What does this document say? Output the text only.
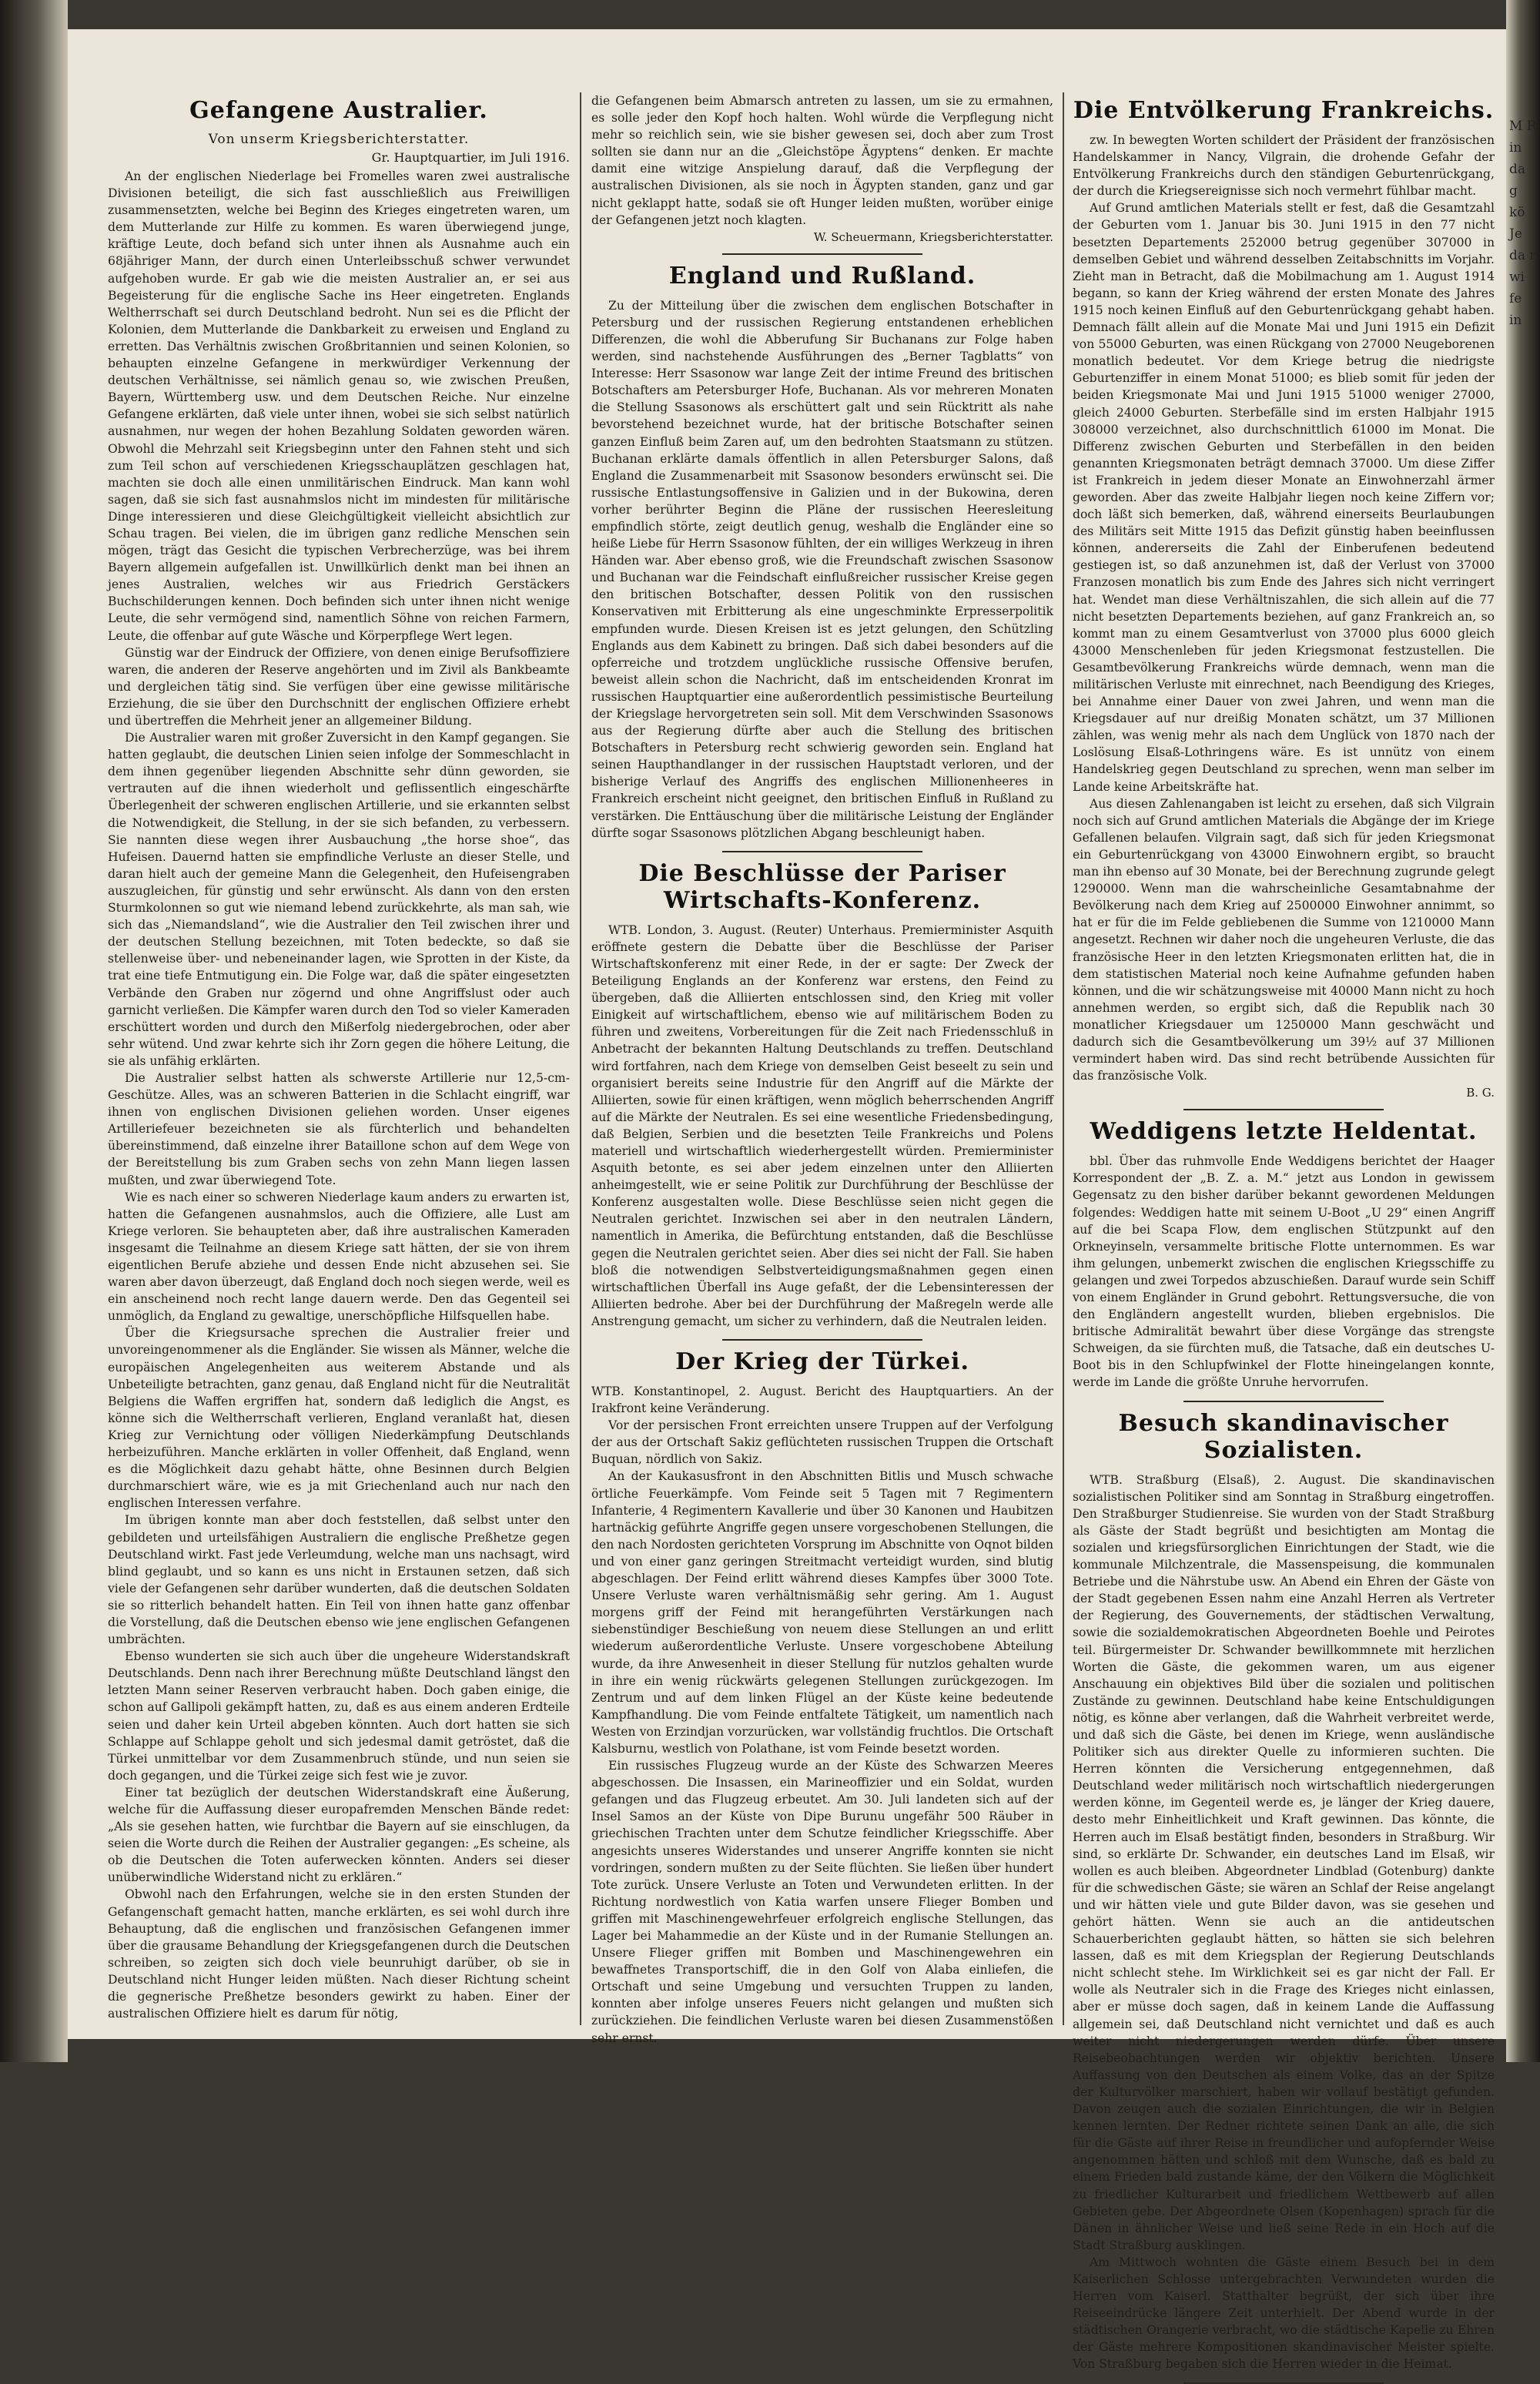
M R in da g kö Je da r wi fe in
Gefangene Australier.
Von unserm Kriegsberichterstatter.
Gr. Hauptquartier, im Juli 1916.

An der englischen Niederlage bei Fromelles waren zwei australische Divisionen beteiligt, die sich fast ausschließlich aus Freiwilligen zusammensetzten, welche bei Beginn des Krieges eingetreten waren, um dem Mutterlande zur Hilfe zu kommen. Es waren überwiegend junge, kräftige Leute, doch befand sich unter ihnen als Ausnahme auch ein 68jähriger Mann, der durch einen Unterleibsschuß schwer verwundet aufgehoben wurde. Er gab wie die meisten Australier an, er sei aus Begeisterung für die englische Sache ins Heer eingetreten. Englands Weltherrschaft sei durch Deutschland bedroht. Nun sei es die Pflicht der Kolonien, dem Mutterlande die Dankbarkeit zu erweisen und England zu erretten. Das Verhältnis zwischen Großbritannien und seinen Kolonien, so behaupten einzelne Gefangene in merkwürdiger Verkennung der deutschen Verhältnisse, sei nämlich genau so, wie zwischen Preußen, Bayern, Württemberg usw. und dem Deutschen Reiche. Nur einzelne Gefangene erklärten, daß viele unter ihnen, wobei sie sich selbst natürlich ausnahmen, nur wegen der hohen Bezahlung Soldaten geworden wären. Obwohl die Mehrzahl seit Kriegsbeginn unter den Fahnen steht und sich zum Teil schon auf verschiedenen Kriegsschauplätzen geschlagen hat, machten sie doch alle einen unmilitärischen Eindruck. Man kann wohl sagen, daß sie sich fast ausnahmslos nicht im mindesten für militärische Dinge interessieren und diese Gleichgültigkeit vielleicht absichtlich zur Schau tragen. Bei vielen, die im übrigen ganz redliche Menschen sein mögen, trägt das Gesicht die typischen Verbrecherzüge, was bei ihrem Bayern allgemein aufgefallen ist. Unwillkürlich denkt man bei ihnen an jenes Australien, welches wir aus Friedrich Gerstäckers Buchschilderungen kennen. Doch befinden sich unter ihnen nicht wenige Leute, die sehr vermögend sind, namentlich Söhne von reichen Farmern, Leute, die offenbar auf gute Wäsche und Körperpflege Wert legen.

Günstig war der Eindruck der Offiziere, von denen einige Berufsoffiziere waren, die anderen der Reserve angehörten und im Zivil als Bankbeamte und dergleichen tätig sind. Sie verfügen über eine gewisse militärische Erziehung, die sie über den Durchschnitt der englischen Offiziere erhebt und übertreffen die Mehrheit jener an allgemeiner Bildung.

Die Australier waren mit großer Zuversicht in den Kampf gegangen. Sie hatten geglaubt, die deutschen Linien seien infolge der Sommeschlacht in dem ihnen gegenüber liegenden Abschnitte sehr dünn geworden, sie vertrauten auf die ihnen wiederholt und geflissentlich eingeschärfte Überlegenheit der schweren englischen Artillerie, und sie erkannten selbst die Notwendigkeit, die Stellung, in der sie sich befanden, zu verbessern. Sie nannten diese wegen ihrer Ausbauchung „the horse shoe“, das Hufeisen. Dauernd hatten sie empfindliche Verluste an dieser Stelle, und daran hielt auch der gemeine Mann die Gelegenheit, den Hufeisengraben auszugleichen, für günstig und sehr erwünscht. Als dann von den ersten Sturmkolonnen so gut wie niemand lebend zurückkehrte, als man sah, wie sich das „Niemandsland“, wie die Australier den Teil zwischen ihrer und der deutschen Stellung bezeichnen, mit Toten bedeckte, so daß sie stellenweise über- und nebeneinander lagen, wie Sprotten in der Kiste, da trat eine tiefe Entmutigung ein. Die Folge war, daß die später eingesetzten Verbände den Graben nur zögernd und ohne Angriffslust oder auch garnicht verließen. Die Kämpfer waren durch den Tod so vieler Kameraden erschüttert worden und durch den Mißerfolg niedergebrochen, oder aber sehr wütend. Und zwar kehrte sich ihr Zorn gegen die höhere Leitung, die sie als unfähig erklärten.

Die Australier selbst hatten als schwerste Artillerie nur 12,5-cm-Geschütze. Alles, was an schweren Batterien in die Schlacht eingriff, war ihnen von englischen Divisionen geliehen worden. Unser eigenes Artilleriefeuer bezeichneten sie als fürchterlich und behandelten übereinstimmend, daß einzelne ihrer Bataillone schon auf dem Wege von der Bereitstellung bis zum Graben sechs von zehn Mann liegen lassen mußten, und zwar überwiegend Tote.

Wie es nach einer so schweren Niederlage kaum anders zu erwarten ist, hatten die Gefangenen ausnahmslos, auch die Offiziere, alle Lust am Kriege verloren. Sie behaupteten aber, daß ihre australischen Kameraden insgesamt die Teilnahme an diesem Kriege satt hätten, der sie von ihrem eigentlichen Berufe abziehe und dessen Ende nicht abzusehen sei. Sie waren aber davon überzeugt, daß England doch noch siegen werde, weil es ein anscheinend noch recht lange dauern werde. Den das Gegenteil sei unmöglich, da England zu gewaltige, unerschöpfliche Hilfsquellen habe.

Über die Kriegsursache sprechen die Australier freier und unvoreingenommener als die Engländer. Sie wissen als Männer, welche die europäischen Angelegenheiten aus weiterem Abstande und als Unbeteiligte betrachten, ganz genau, daß England nicht für die Neutralität Belgiens die Waffen ergriffen hat, sondern daß lediglich die Angst, es könne sich die Weltherrschaft verlieren, England veranlaßt hat, diesen Krieg zur Vernichtung oder völligen Niederkämpfung Deutschlands herbeizuführen. Manche erklärten in voller Offenheit, daß England, wenn es die Möglichkeit dazu gehabt hätte, ohne Besinnen durch Belgien durchmarschiert wäre, wie es ja mit Griechenland auch nur nach den englischen Interessen verfahre.

Im übrigen konnte man aber doch feststellen, daß selbst unter den gebildeten und urteilsfähigen Australiern die englische Preßhetze gegen Deutschland wirkt. Fast jede Verleumdung, welche man uns nachsagt, wird blind geglaubt, und so kann es uns nicht in Erstaunen setzen, daß sich viele der Gefangenen sehr darüber wunderten, daß die deutschen Soldaten sie so ritterlich behandelt hatten. Ein Teil von ihnen hatte ganz offenbar die Vorstellung, daß die Deutschen ebenso wie jene englischen Gefangenen umbrächten.

Ebenso wunderten sie sich auch über die ungeheure Widerstandskraft Deutschlands. Denn nach ihrer Berechnung müßte Deutschland längst den letzten Mann seiner Reserven verbraucht haben. Doch gaben einige, die schon auf Gallipoli gekämpft hatten, zu, daß es aus einem anderen Erdteile seien und daher kein Urteil abgeben könnten. Auch dort hatten sie sich Schlappe auf Schlappe geholt und sich jedesmal damit getröstet, daß die Türkei unmittelbar vor dem Zusammenbruch stünde, und nun seien sie doch gegangen, und die Türkei zeige sich fest wie je zuvor.

Einer tat bezüglich der deutschen Widerstandskraft eine Äußerung, welche für die Auffassung dieser europafremden Menschen Bände redet: „Als sie gesehen hatten, wie furchtbar die Bayern auf sie einschlugen, da seien die Worte durch die Reihen der Australier gegangen: „Es scheine, als ob die Deutschen die Toten auferwecken könnten. Anders sei dieser unüberwindliche Widerstand nicht zu erklären.“

Obwohl nach den Erfahrungen, welche sie in den ersten Stunden der Gefangenschaft gemacht hatten, manche erklärten, es sei wohl durch ihre Behauptung, daß die englischen und französischen Gefangenen immer über die grausame Behandlung der Kriegsgefangenen durch die Deutschen schreiben, so zeigten sich doch viele beunruhigt darüber, ob sie in Deutschland nicht Hunger leiden müßten. Nach dieser Richtung scheint die gegnerische Preßhetze besonders gewirkt zu haben. Einer der australischen Offiziere hielt es darum für nötig,

die Gefangenen beim Abmarsch antreten zu lassen, um sie zu ermahnen, es solle jeder den Kopf hoch halten. Wohl würde die Verpflegung nicht mehr so reichlich sein, wie sie bisher gewesen sei, doch aber zum Trost sollten sie dann nur an die „Gleichstöpe Ägyptens“ denken. Er machte damit eine witzige Anspielung darauf, daß die Verpflegung der australischen Divisionen, als sie noch in Ägypten standen, ganz und gar nicht geklappt hatte, sodaß sie oft Hunger leiden mußten, worüber einige der Gefangenen jetzt noch klagten.

W. Scheuermann, Kriegsberichterstatter.
England und Rußland.

Zu der Mitteilung über die zwischen dem englischen Botschafter in Petersburg und der russischen Regierung entstandenen erheblichen Differenzen, die wohl die Abberufung Sir Buchanans zur Folge haben werden, sind nachstehende Ausführungen des „Berner Tagblatts“ von Interesse: Herr Ssasonow war lange Zeit der intime Freund des britischen Botschafters am Petersburger Hofe, Buchanan. Als vor mehreren Monaten die Stellung Ssasonows als erschüttert galt und sein Rücktritt als nahe bevorstehend bezeichnet wurde, hat der britische Botschafter seinen ganzen Einfluß beim Zaren auf, um den bedrohten Staatsmann zu stützen. Buchanan erklärte damals öffentlich in allen Petersburger Salons, daß England die Zusammenarbeit mit Ssasonow besonders erwünscht sei. Die russische Entlastungsoffensive in Galizien und in der Bukowina, deren vorher berührter Beginn die Pläne der russischen Heeresleitung empfindlich störte, zeigt deutlich genug, weshalb die Engländer eine so heiße Liebe für Herrn Ssasonow fühlten, der ein williges Werkzeug in ihren Händen war. Aber ebenso groß, wie die Freundschaft zwischen Ssasonow und Buchanan war die Feindschaft einflußreicher russischer Kreise gegen den britischen Botschafter, dessen Politik von den russischen Konservativen mit Erbitterung als eine ungeschminkte Erpresserpolitik empfunden wurde. Diesen Kreisen ist es jetzt gelungen, den Schützling Englands aus dem Kabinett zu bringen. Daß sich dabei besonders auf die opferreiche und trotzdem unglückliche russische Offensive berufen, beweist allein schon die Nachricht, daß im entscheidenden Kronrat im russischen Hauptquartier eine außerordentlich pessimistische Beurteilung der Kriegslage hervorgetreten sein soll. Mit dem Verschwinden Ssasonows aus der Regierung dürfte aber auch die Stellung des britischen Botschafters in Petersburg recht schwierig geworden sein. England hat seinen Haupthandlanger in der russischen Hauptstadt verloren, und der bisherige Verlauf des Angriffs des englischen Millionenheeres in Frankreich erscheint nicht geeignet, den britischen Einfluß in Rußland zu verstärken. Die Enttäuschung über die militärische Leistung der Engländer dürfte sogar Ssasonows plötzlichen Abgang beschleunigt haben.

Die Beschlüsse der Pariser Wirtschafts-Konferenz.

WTB. London, 3. August. (Reuter) Unterhaus. Premierminister Asquith eröffnete gestern die Debatte über die Beschlüsse der Pariser Wirtschaftskonferenz mit einer Rede, in der er sagte: Der Zweck der Beteiligung Englands an der Konferenz war erstens, den Feind zu übergeben, daß die Alliierten entschlossen sind, den Krieg mit voller Einigkeit auf wirtschaftlichem, ebenso wie auf militärischem Boden zu führen und zweitens, Vorbereitungen für die Zeit nach Friedensschluß in Anbetracht der bekannten Haltung Deutschlands zu treffen. Deutschland wird fortfahren, nach dem Kriege von demselben Geist beseelt zu sein und organisiert bereits seine Industrie für den Angriff auf die Märkte der Alliierten, sowie für einen kräftigen, wenn möglich beherrschenden Angriff auf die Märkte der Neutralen. Es sei eine wesentliche Friedensbedingung, daß Belgien, Serbien und die besetzten Teile Frankreichs und Polens materiell und wirtschaftlich wiederhergestellt würden. Premierminister Asquith betonte, es sei aber jedem einzelnen unter den Alliierten anheimgestellt, wie er seine Politik zur Durchführung der Beschlüsse der Konferenz ausgestalten wolle. Diese Beschlüsse seien nicht gegen die Neutralen gerichtet. Inzwischen sei aber in den neutralen Ländern, namentlich in Amerika, die Befürchtung entstanden, daß die Beschlüsse gegen die Neutralen gerichtet seien. Aber dies sei nicht der Fall. Sie haben bloß die notwendigen Selbstverteidigungsmaßnahmen gegen einen wirtschaftlichen Überfall ins Auge gefaßt, der die Lebensinteressen der Alliierten bedrohe. Aber bei der Durchführung der Maßregeln werde alle Anstrengung gemacht, um sicher zu verhindern, daß die Neutralen leiden.

Der Krieg der Türkei.

WTB. Konstantinopel, 2. August. Bericht des Hauptquartiers. An der Irakfront keine Veränderung.

Vor der persischen Front erreichten unsere Truppen auf der Verfolgung der aus der Ortschaft Sakiz geflüchteten russischen Truppen die Ortschaft Buquan, nördlich von Sakiz.

An der Kaukasusfront in den Abschnitten Bitlis und Musch schwache örtliche Feuerkämpfe. Vom Feinde seit 5 Tagen mit 7 Regimentern Infanterie, 4 Regimentern Kavallerie und über 30 Kanonen und Haubitzen hartnäckig geführte Angriffe gegen unsere vorgeschobenen Stellungen, die den nach Nordosten gerichteten Vorsprung im Abschnitte von Oqnot bilden und von einer ganz geringen Streitmacht verteidigt wurden, sind blutig abgeschlagen. Der Feind erlitt während dieses Kampfes über 3000 Tote. Unsere Verluste waren verhältnismäßig sehr gering. Am 1. August morgens griff der Feind mit herangeführten Verstärkungen nach siebenstündiger Beschießung von neuem diese Stellungen an und erlitt wiederum außerordentliche Verluste. Unsere vorgeschobene Abteilung wurde, da ihre Anwesenheit in dieser Stellung für nutzlos gehalten wurde in ihre ein wenig rückwärts gelegenen Stellungen zurückgezogen. Im Zentrum und auf dem linken Flügel an der Küste keine bedeutende Kampfhandlung. Die vom Feinde entfaltete Tätigkeit, um namentlich nach Westen von Erzindjan vorzurücken, war vollständig fruchtlos. Die Ortschaft Kalsburnu, westlich von Polathane, ist vom Feinde besetzt worden.

Ein russisches Flugzeug wurde an der Küste des Schwarzen Meeres abgeschossen. Die Insassen, ein Marineoffizier und ein Soldat, wurden gefangen und das Flugzeug erbeutet. Am 30. Juli landeten sich auf der Insel Samos an der Küste von Dipe Burunu ungefähr 500 Räuber in griechischen Trachten unter dem Schutze feindlicher Kriegsschiffe. Aber angesichts unseres Widerstandes und unserer Angriffe konnten sie nicht vordringen, sondern mußten zu der Seite flüchten. Sie ließen über hundert Tote zurück. Unsere Verluste an Toten und Verwundeten erlitten. In der Richtung nordwestlich von Katia warfen unsere Flieger Bomben und griffen mit Maschinengewehrfeuer erfolgreich englische Stellungen, das Lager bei Mahammedie an der Küste und in der Rumanie Stellungen an. Unsere Flieger griffen mit Bomben und Maschinengewehren ein bewaffnetes Transportschiff, die in den Golf von Alaba einliefen, die Ortschaft und seine Umgebung und versuchten Truppen zu landen, konnten aber infolge unseres Feuers nicht gelangen und mußten sich zurückziehen. Die feindlichen Verluste waren bei diesen Zusammenstößen sehr ernst.

Die Entvölkerung Frankreichs.

zw. In bewegten Worten schildert der Präsident der französischen Handelskammer in Nancy, Vilgrain, die drohende Gefahr der Entvölkerung Frankreichs durch den ständigen Geburtenrückgang, der durch die Kriegsereignisse sich noch vermehrt fühlbar macht.

Auf Grund amtlichen Materials stellt er fest, daß die Gesamtzahl der Geburten vom 1. Januar bis 30. Juni 1915 in den 77 nicht besetzten Departements 252000 betrug gegenüber 307000 in demselben Gebiet und während desselben Zeitabschnitts im Vorjahr. Zieht man in Betracht, daß die Mobilmachung am 1. August 1914 begann, so kann der Krieg während der ersten Monate des Jahres 1915 noch keinen Einfluß auf den Geburtenrückgang gehabt haben. Demnach fällt allein auf die Monate Mai und Juni 1915 ein Defizit von 55000 Geburten, was einen Rückgang von 27000 Neugeborenen monatlich bedeutet. Vor dem Kriege betrug die niedrigste Geburtenziffer in einem Monat 51000; es blieb somit für jeden der beiden Kriegsmonate Mai und Juni 1915 51000 weniger 27000, gleich 24000 Geburten. Sterbefälle sind im ersten Halbjahr 1915 308000 verzeichnet, also durchschnittlich 61000 im Monat. Die Differenz zwischen Geburten und Sterbefällen in den beiden genannten Kriegsmonaten beträgt demnach 37000. Um diese Ziffer ist Frankreich in jedem dieser Monate an Einwohnerzahl ärmer geworden. Aber das zweite Halbjahr liegen noch keine Ziffern vor; doch läßt sich bemerken, daß, während einerseits Beurlaubungen des Militärs seit Mitte 1915 das Defizit günstig haben beeinflussen können, andererseits die Zahl der Einberufenen bedeutend gestiegen ist, so daß anzunehmen ist, daß der Verlust von 37000 Franzosen monatlich bis zum Ende des Jahres sich nicht verringert hat. Wendet man diese Verhältniszahlen, die sich allein auf die 77 nicht besetzten Departements beziehen, auf ganz Frankreich an, so kommt man zu einem Gesamtverlust von 37000 plus 6000 gleich 43000 Menschenleben für jeden Kriegsmonat festzustellen. Die Gesamtbevölkerung Frankreichs würde demnach, wenn man die militärischen Verluste mit einrechnet, nach Beendigung des Krieges, bei Annahme einer Dauer von zwei Jahren, und wenn man die Kriegsdauer auf nur dreißig Monaten schätzt, um 37 Millionen zählen, was wenig mehr als nach dem Unglück von 1870 nach der Loslösung Elsaß-Lothringens wäre. Es ist unnütz von einem Handelskrieg gegen Deutschland zu sprechen, wenn man selber im Lande keine Arbeitskräfte hat.

Aus diesen Zahlenangaben ist leicht zu ersehen, daß sich Vilgrain noch sich auf Grund amtlichen Materials die Abgänge der im Kriege Gefallenen belaufen. Vilgrain sagt, daß sich für jeden Kriegsmonat ein Geburtenrückgang von 43000 Einwohnern ergibt, so braucht man ihn ebenso auf 30 Monate, bei der Berechnung zugrunde gelegt 1290000. Wenn man die wahrscheinliche Gesamtabnahme der Bevölkerung nach dem Krieg auf 2500000 Einwohner annimmt, so hat er für die im Felde gebliebenen die Summe von 1210000 Mann angesetzt. Rechnen wir daher noch die ungeheuren Verluste, die das französische Heer in den letzten Kriegsmonaten erlitten hat, die in dem statistischen Material noch keine Aufnahme gefunden haben können, und die wir schätzungsweise mit 40000 Mann nicht zu hoch annehmen werden, so ergibt sich, daß die Republik nach 30 monatlicher Kriegsdauer um 1250000 Mann geschwächt und dadurch sich die Gesamtbevölkerung um 39½ auf 37 Millionen vermindert haben wird. Das sind recht betrübende Aussichten für das französische Volk.

B. G.
Weddigens letzte Heldentat.

bbl. Über das ruhmvolle Ende Weddigens berichtet der Haager Korrespondent der „B. Z. a. M.“ jetzt aus London in gewissem Gegensatz zu den bisher darüber bekannt gewordenen Meldungen folgendes: Weddigen hatte mit seinem U-Boot „U 29“ einen Angriff auf die bei Scapa Flow, dem englischen Stützpunkt auf den Orkneyinseln, versammelte britische Flotte unternommen. Es war ihm gelungen, unbemerkt zwischen die englischen Kriegsschiffe zu gelangen und zwei Torpedos abzuschießen. Darauf wurde sein Schiff von einem Engländer in Grund gebohrt. Rettungsversuche, die von den Engländern angestellt wurden, blieben ergebnislos. Die britische Admiralität bewahrt über diese Vorgänge das strengste Schweigen, da sie fürchten muß, die Tatsache, daß ein deutsches U-Boot bis in den Schlupfwinkel der Flotte hineingelangen konnte, werde im Lande die größte Unruhe hervorrufen.

Besuch skandinavischer Sozialisten.

WTB. Straßburg (Elsaß), 2. August. Die skandinavischen sozialistischen Politiker sind am Sonntag in Straßburg eingetroffen. Den Straßburger Studienreise. Sie wurden von der Stadt Straßburg als Gäste der Stadt begrüßt und besichtigten am Montag die sozialen und kriegsfürsorglichen Einrichtungen der Stadt, wie die kommunale Milchzentrale, die Massenspeisung, die kommunalen Betriebe und die Nährstube usw. An Abend ein Ehren der Gäste von der Stadt gegebenen Essen nahm eine Anzahl Herren als Vertreter der Regierung, des Gouvernements, der städtischen Verwaltung, sowie die sozialdemokratischen Abgeordneten Boehle und Peirotes teil. Bürgermeister Dr. Schwander bewillkommnete mit herzlichen Worten die Gäste, die gekommen waren, um aus eigener Anschauung ein objektives Bild über die sozialen und politischen Zustände zu gewinnen. Deutschland habe keine Entschuldigungen nötig, es könne aber verlangen, daß die Wahrheit verbreitet werde, und daß sich die Gäste, bei denen im Kriege, wenn ausländische Politiker sich aus direkter Quelle zu informieren suchten. Die Herren könnten die Versicherung entgegennehmen, daß Deutschland weder militärisch noch wirtschaftlich niedergerungen werden könne, im Gegenteil werde es, je länger der Krieg dauere, desto mehr Einheitlichkeit und Kraft gewinnen. Das könnte, die Herren auch im Elsaß bestätigt finden, besonders in Straßburg. Wir sind, so erklärte Dr. Schwander, ein deutsches Land im Elsaß, wir wollen es auch bleiben. Abgeordneter Lindblad (Gotenburg) dankte für die schwedischen Gäste; sie wären an Schlaf der Reise angelangt und wir hätten viele und gute Bilder davon, was sie gesehen und gehört hätten. Wenn sie auch an die antideutschen Schauerberichten geglaubt hätten, so hätten sie sich belehren lassen, daß es mit dem Kriegsplan der Regierung Deutschlands nicht schlecht stehe. Im Wirklichkeit sei es gar nicht der Fall. Er wolle als Neutraler sich in die Frage des Krieges nicht einlassen, aber er müsse doch sagen, daß in keinem Lande die Auffassung allgemein sei, daß Deutschland nicht vernichtet und daß es auch weiter nicht niedergerungen werden dürfe. Über unsere Reisebeobachtungen werden wir objektiv berichten. Unsere Auffassung von den Deutschen als einem Volke, das an der Spitze der Kulturvölker marschiert, haben wir vollauf bestätigt gefunden. Davon zeugen auch die sozialen Einrichtungen, die wir in Belgien kennen lernten. Der Redner richtete seinen Dank an alle, die sich für die Gäste auf ihrer Reise in freundlicher und aufopfernder Weise angenommen hätten und schloß mit dem Wunsche, daß es bald zu einem Frieden bald zustande käme, der den Völkern die Möglichkeit zu friedlicher Kulturarbeit und friedlichem Wettbewerb auf allen Gebieten gebe. Der Abgeordnete Olsen (Kopenhagen) sprach für die Dänen in ähnlicher Weise und ließ seine Rede in ein Hoch auf die Stadt Straßburg ausklingen.

Am Mittwoch wohnten die Gäste einem Besuch bei in dem Kaiserlichen Schlosse untergebrachten Verwundeten wurden die Herren vom Kaiserl. Statthalter begrüßt, der sich über ihre Reiseeindrücke längere Zeit unterhielt. Der Abend wurde in der städtischen Orangerie verbracht, wo die städtische Kapelle zu Ehren der Gäste mehrere Kompositionen skandinavischer Meister spielte. Von Straßburg begaben sich die Herren wieder in die Heimat.
